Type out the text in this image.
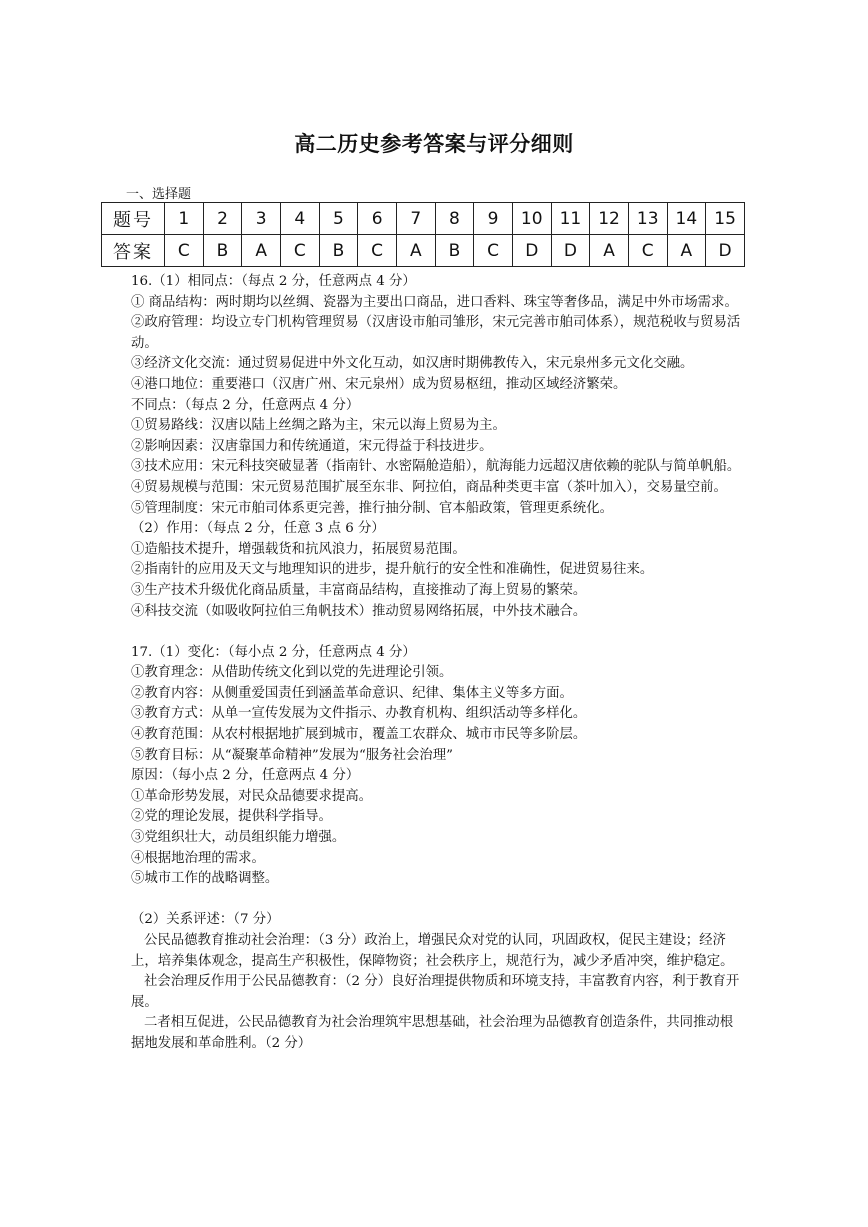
高二历史参考答案与评分细则
一、选择题
题号	1	2	3	4	5	6	7	8	9	10	11	12	13	14	15
答案	C	B	A	C	B	C	A	B	C	D	D	A	C	A	D

16.（1）相同点：（每点 2 分，任意两点 4 分）

① 商品结构：两时期均以丝绸、瓷器为主要出口商品，进口香料、珠宝等奢侈品，满足中外市场需求。

②政府管理：均设立专门机构管理贸易（汉唐设市舶司雏形，宋元完善市舶司体系），规范税收与贸易活动。

③经济文化交流：通过贸易促进中外文化互动，如汉唐时期佛教传入，宋元泉州多元文化交融。

④港口地位：重要港口（汉唐广州、宋元泉州）成为贸易枢纽，推动区域经济繁荣。

不同点：（每点 2 分，任意两点 4 分）

①贸易路线：汉唐以陆上丝绸之路为主，宋元以海上贸易为主。

②影响因素：汉唐靠国力和传统通道，宋元得益于科技进步。

③技术应用：宋元科技突破显著（指南针、水密隔舱造船），航海能力远超汉唐依赖的驼队与简单帆船。

④贸易规模与范围：宋元贸易范围扩展至东非、阿拉伯，商品种类更丰富（茶叶加入），交易量空前。

⑤管理制度：宋元市舶司体系更完善，推行抽分制、官本船政策，管理更系统化。

（2）作用：（每点 2 分，任意 3 点 6 分）

①造船技术提升，增强载货和抗风浪力，拓展贸易范围。

②指南针的应用及天文与地理知识的进步，提升航行的安全性和准确性，促进贸易往来。

③生产技术升级优化商品质量，丰富商品结构，直接推动了海上贸易的繁荣。

④科技交流（如吸收阿拉伯三角帆技术）推动贸易网络拓展，中外技术融合。

17.（1）变化：（每小点 2 分，任意两点 4 分）

①教育理念：从借助传统文化到以党的先进理论引领。

②教育内容：从侧重爱国责任到涵盖革命意识、纪律、集体主义等多方面。

③教育方式：从单一宣传发展为文件指示、办教育机构、组织活动等多样化。

④教育范围：从农村根据地扩展到城市，覆盖工农群众、城市市民等多阶层。

⑤教育目标：从“凝聚革命精神”发展为“服务社会治理”

原因：（每小点 2 分，任意两点 4 分）

①革命形势发展，对民众品德要求提高。

②党的理论发展，提供科学指导。

③党组织壮大，动员组织能力增强。

④根据地治理的需求。

⑤城市工作的战略调整。

（2）关系评述：（7 分）

公民品德教育推动社会治理：（3 分）政治上，增强民众对党的认同，巩固政权，促民主建设；经济上，培养集体观念，提高生产积极性，保障物资；社会秩序上，规范行为，减少矛盾冲突，维护稳定。

社会治理反作用于公民品德教育：（2 分）良好治理提供物质和环境支持，丰富教育内容，利于教育开展。

二者相互促进，公民品德教育为社会治理筑牢思想基础，社会治理为品德教育创造条件，共同推动根据地发展和革命胜利。（2 分）
